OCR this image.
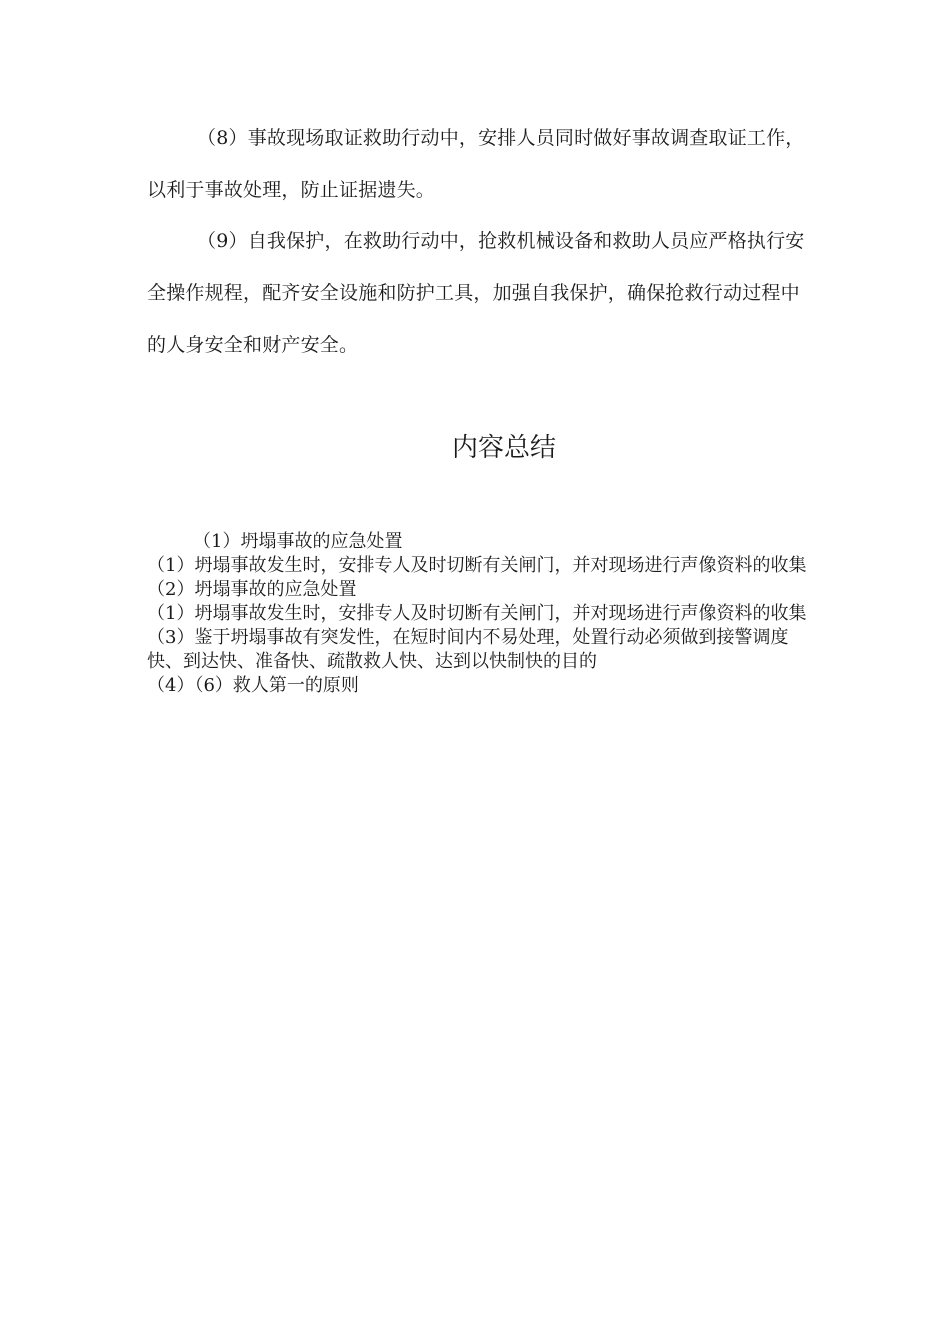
（8）事故现场取证救助行动中，安排人员同时做好事故调查取证工作，以利于事故处理，防止证据遗失。

（9）自我保护，在救助行动中，抢救机械设备和救助人员应严格执行安全操作规程，配齐安全设施和防护工具，加强自我保护，确保抢救行动过程中的人身安全和财产安全。

内容总结
（1）坍塌事故的应急处置
（1）坍塌事故发生时，安排专人及时切断有关闸门，并对现场进行声像资料的收集
（2）坍塌事故的应急处置
（1）坍塌事故发生时，安排专人及时切断有关闸门，并对现场进行声像资料的收集
（3）鉴于坍塌事故有突发性，在短时间内不易处理，处置行动必须做到接警调度快、到达快、准备快、疏散救人快、达到以快制快的目的
（4）（6）救人第一的原则
